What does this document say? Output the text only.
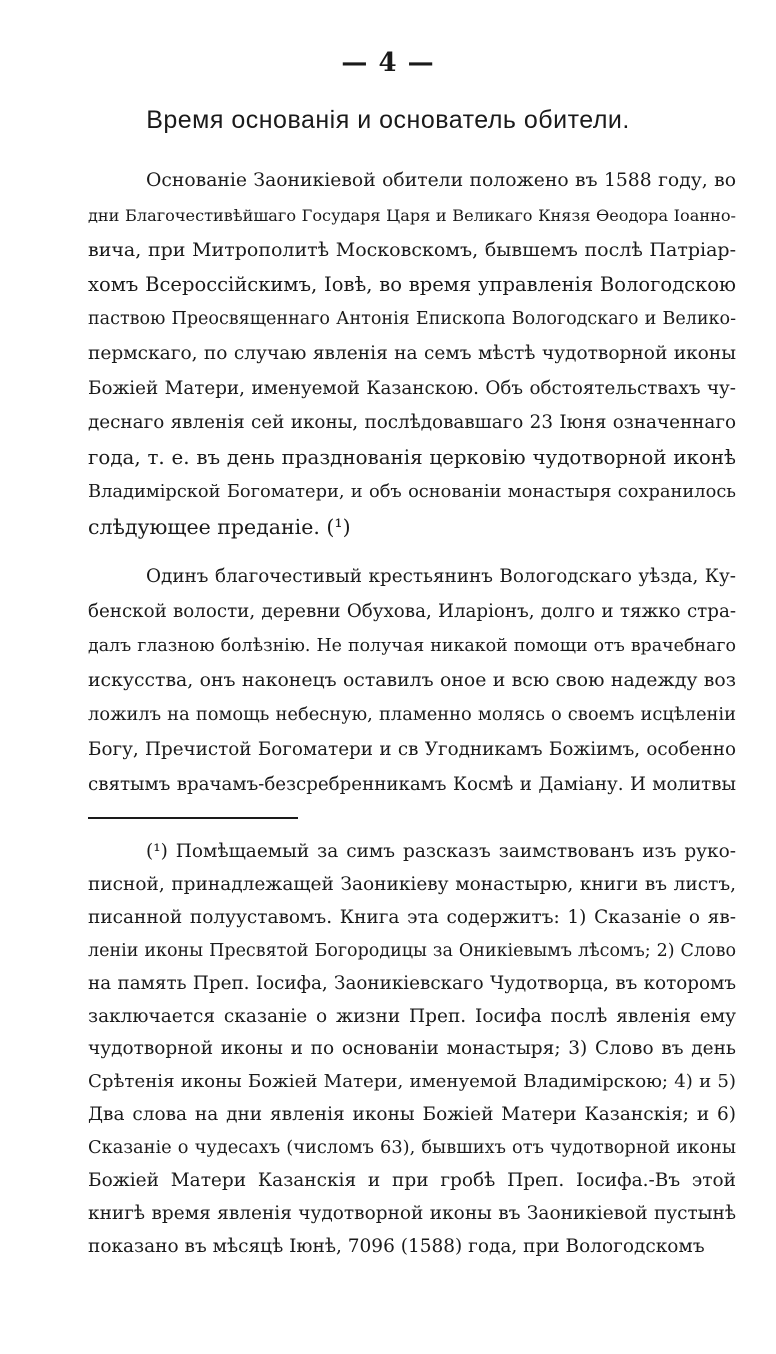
— 4 —
Время основанія и основатель обители.
Основаніе Заоникіевой обители положено въ 1588 году, во
дни Благочестивѣйшаго Государя Царя и Великаго Князя Ѳеодора Іоанно-
вича, при Митрополитѣ Московскомъ, бывшемъ послѣ Патріар-
хомъ Всероссійскимъ, Іовѣ, во время управленія Вологодскою
паствою Преосвященнаго Антонія Епископа Вологодскаго и Велико-
пермскаго, по случаю явленія на семъ мѣстѣ чудотворной иконы
Божіей Матери, именуемой Казанскою. Объ обстоятельствахъ чу-
деснаго явленія сей иконы, послѣдовавшаго 23 Іюня означеннаго
года, т. е. въ день празднованія церковію чудотворной иконѣ
Владимірской Богоматери, и объ основаніи монастыря сохранилось
слѣдующее преданіе. (¹)
Одинъ благочестивый крестьянинъ Вологодскаго уѣзда, Ку-
бенской волости, деревни Обухова, Иларіонъ, долго и тяжко стра-
далъ глазною болѣзнію. Не получая никакой помощи отъ врачебнаго
искусства, онъ наконецъ оставилъ оное и всю свою надежду воз
ложилъ на помощь небесную, пламенно молясь о своемъ исцѣленіи
Богу, Пречистой Богоматери и св Угодникамъ Божіимъ, особенно
святымъ врачамъ-безсребренникамъ Космѣ и Даміану. И молитвы
(¹) Помѣщаемый за симъ разсказъ заимствованъ изъ руко-
писной, принадлежащей Заоникіеву монастырю, книги въ листъ,
писанной полууставомъ. Книга эта содержитъ: 1) Сказаніе о яв-
леніи иконы Пресвятой Богородицы за Оникіевымъ лѣсомъ; 2) Слово
на память Преп. Іосифа, Заоникіевскаго Чудотворца, въ которомъ
заключается сказаніе о жизни Преп. Іосифа послѣ явленія ему
чудотворной иконы и по основаніи монастыря; 3) Слово въ день
Срѣтенія иконы Божіей Матери, именуемой Владимірскою; 4) и 5)
Два слова на дни явленія иконы Божіей Матери Казанскія; и 6)
Сказаніе о чудесахъ (числомъ 63), бывшихъ отъ чудотворной иконы
Божіей Матери Казанскія и при гробѣ Преп. Іосифа.-Въ этой
книгѣ время явленія чудотворной иконы въ Заоникіевой пустынѣ
показано въ мѣсяцѣ Іюнѣ, 7096 (1588) года, при Вологодскомъ
